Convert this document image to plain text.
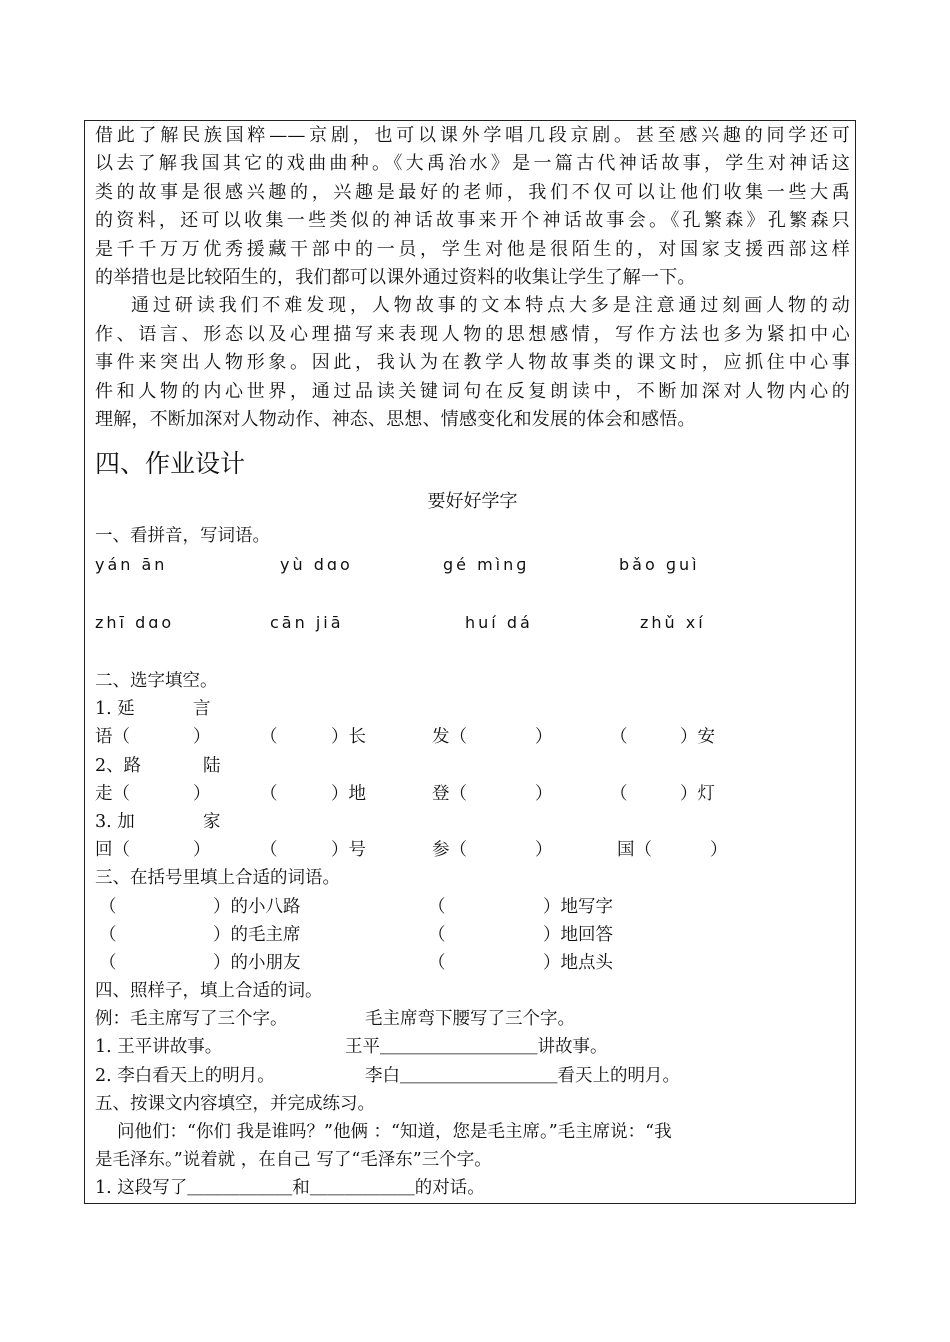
借此了解民族国粹——京剧，也可以课外学唱几段京剧。甚至感兴趣的同学还可

以去了解我国其它的戏曲曲种。《大禹治水》是一篇古代神话故事，学生对神话这

类的故事是很感兴趣的，兴趣是最好的老师，我们不仅可以让他们收集一些大禹

的资料，还可以收集一些类似的神话故事来开个神话故事会。《孔繁森》孔繁森只

是千千万万优秀援藏干部中的一员，学生对他是很陌生的，对国家支援西部这样

的举措也是比较陌生的，我们都可以课外通过资料的收集让学生了解一下。

通过研读我们不难发现，人物故事的文本特点大多是注意通过刻画人物的动

作、语言、形态以及心理描写来表现人物的思想感情，写作方法也多为紧扣中心

事件来突出人物形象。因此，我认为在教学人物故事类的课文时，应抓住中心事

件和人物的内心世界，通过品读关键词句在反复朗读中，不断加深对人物内心的

理解，不断加深对人物动作、神态、思想、情感变化和发展的体会和感悟。

四、作业设计
要好好学字
一、看拼音，写词语。
yán ān	yù dɑo	gé mìnɡ	bǎo ɡuì
zhī dɑo	cān jiā	huí dá	zhǔ xí
二、选字填空。
1. 延	言
语（	）	（	）长	发（	）	（	）安
2、路	陆
走（	）	（	）地	登（	）	（	）灯
3. 加	家
回（	）	（	）号	参（	）	国（	）
三、在括号里填上合适的词语。
（	）的小八路	（	）地写字
（	）的毛主席	（	）地回答
（	）的小朋友	（	）地点头
四、照样子，填上合适的词。
例：毛主席写了三个字。	毛主席弯下腰写了三个字。
1. 王平讲故事。	王平＿＿＿＿＿＿＿＿＿讲故事。
2. 李白看天上的明月。	李白＿＿＿＿＿＿＿＿＿看天上的明月。
五、按课文内容填空，并完成练习。
问他们：“你们 我是谁吗？”他俩 ：“知道，您是毛主席。”毛主席说：“我
是毛泽东。”说着就 ，在自己 写了“毛泽东”三个字。
1. 这段写了＿＿＿＿＿＿和＿＿＿＿＿＿的对话。
